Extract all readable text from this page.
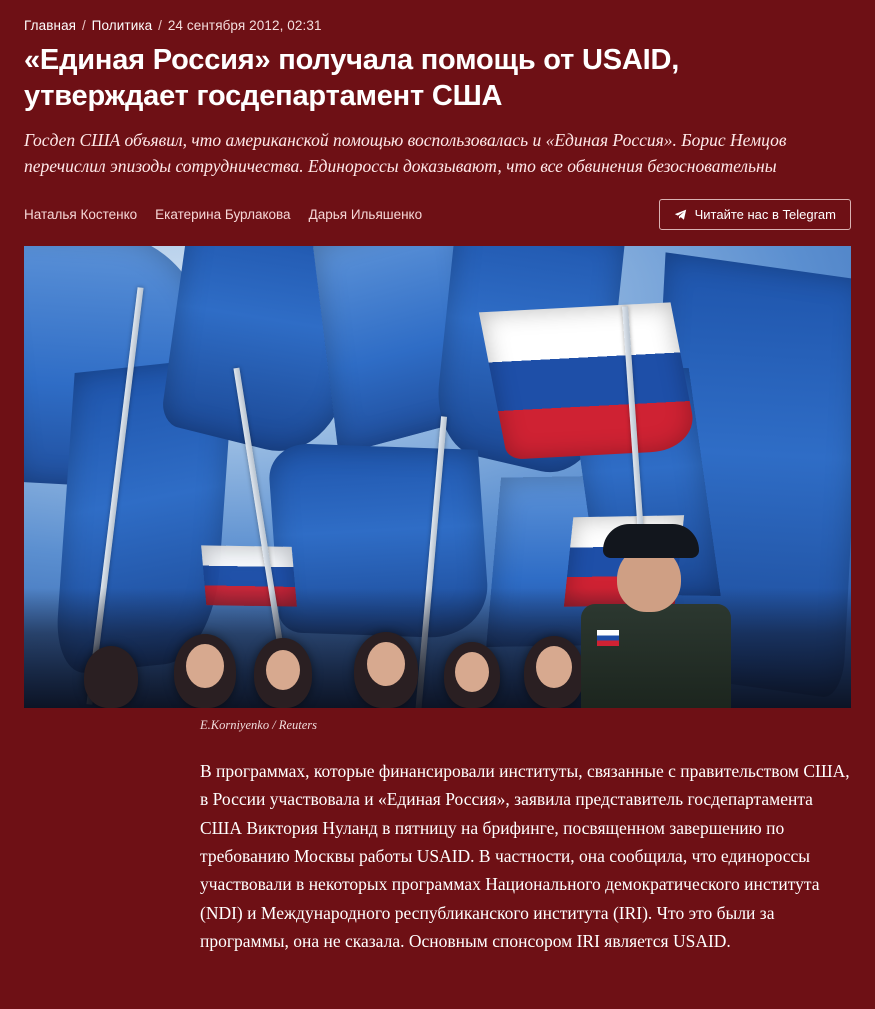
Главная / Политика / 24 сентября 2012, 02:31
«Единая Россия» получала помощь от USAID, утверждает госдепартамент США

Госдеп США объявил, что американской помощью воспользовалась и «Единая Россия». Борис Немцов перечислил эпизоды сотрудничества. Единороссы доказывают, что все обвинения безосновательны

Наталья Костенко Екатерина Бурлакова Дарья Ильяшенко	Читайте нас в Telegram
E.Korniyenko / Reuters

В программах, которые финансировали институты, связанные с правительством США, в России участвовала и «Единая Россия», заявила представитель госдепартамента США Виктория Нуланд в пятницу на брифинге, посвященном завершению по требованию Москвы работы USAID. В частности, она сообщила, что единороссы участвовали в некоторых программах Национального демократического института (NDI) и Международного республиканского института (IRI). Что это были за программы, она не сказала. Основным спонсором IRI является USAID.
